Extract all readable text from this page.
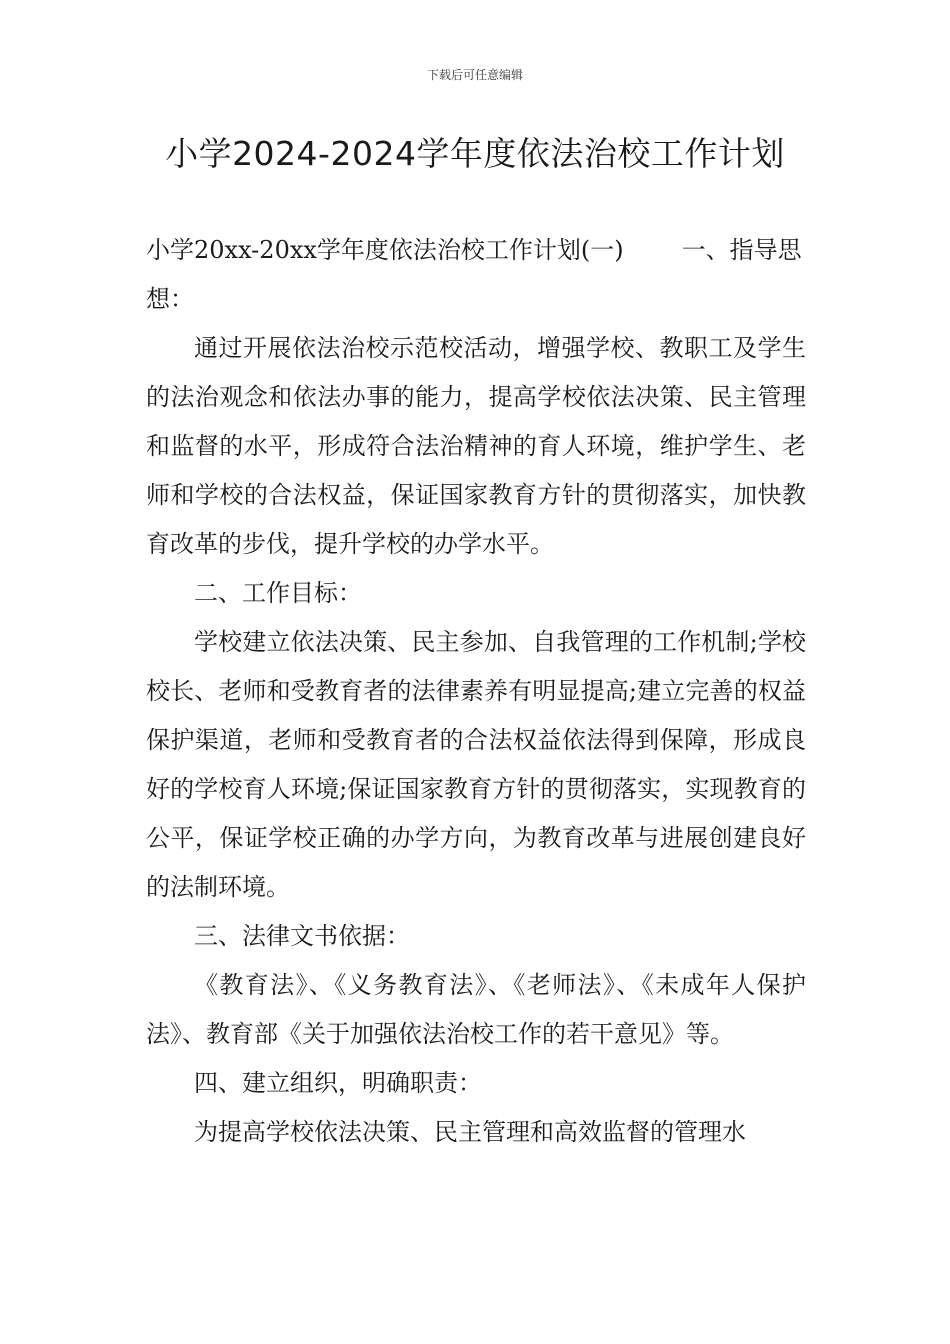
下载后可任意编辑
小学2024-2024学年度依法治校工作计划

小学20xx-20xx学年度依法治校工作计划(一) 一、指导思想：

通过开展依法治校示范校活动，增强学校、教职工及学生的法治观念和依法办事的能力，提高学校依法决策、民主管理和监督的水平，形成符合法治精神的育人环境，维护学生、老师和学校的合法权益，保证国家教育方针的贯彻落实，加快教育改革的步伐，提升学校的办学水平。

二、工作目标：

学校建立依法决策、民主参加、自我管理的工作机制;学校校长、老师和受教育者的法律素养有明显提高;建立完善的权益保护渠道，老师和受教育者的合法权益依法得到保障，形成良好的学校育人环境;保证国家教育方针的贯彻落实，实现教育的公平，保证学校正确的办学方向，为教育改革与进展创建良好的法制环境。

三、法律文书依据：

《教育法》、《义务教育法》、《老师法》、《未成年人保护法》、教育部《关于加强依法治校工作的若干意见》等。

四、建立组织，明确职责：

为提高学校依法决策、民主管理和高效监督的管理水
